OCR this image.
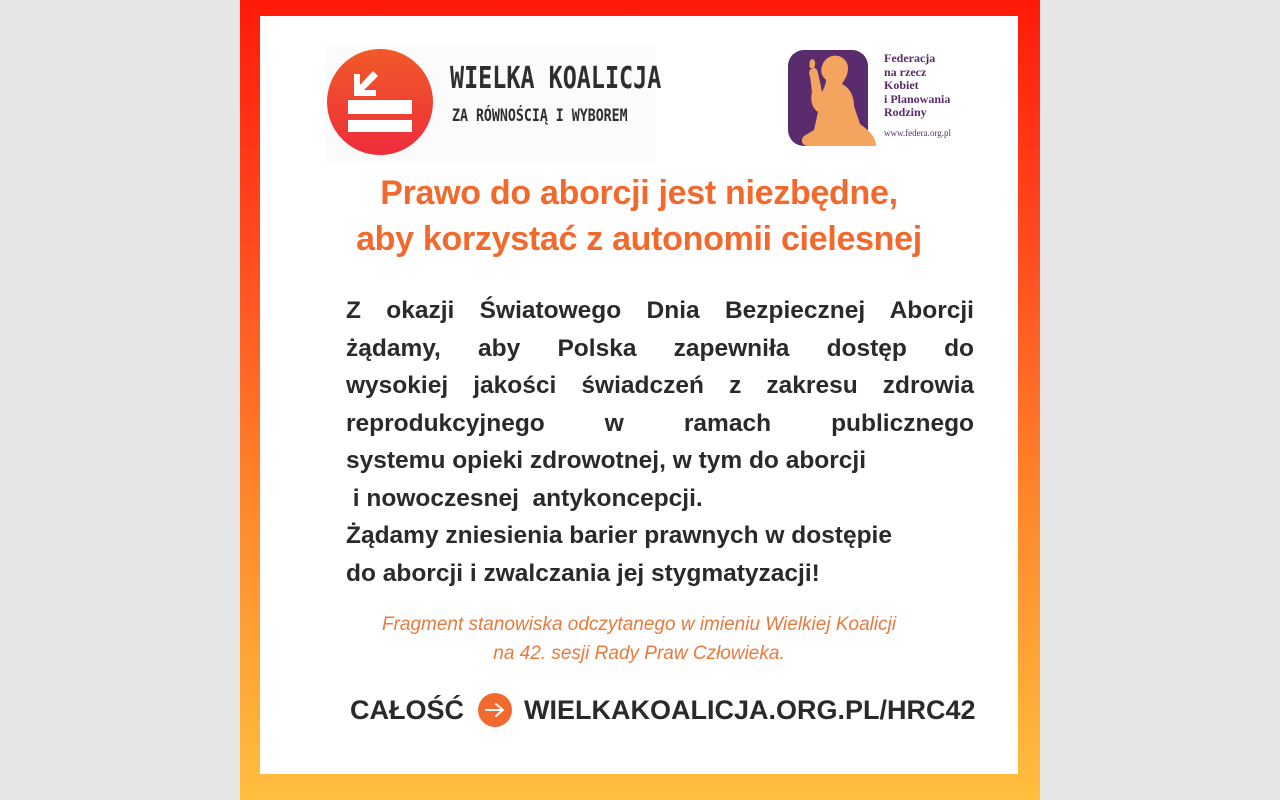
WIELKA KOALICJA
ZA RÓWNOŚCIĄ I WYBOREM
Federacja
na rzecz
Kobiet
i Planowania
Rodziny
www.federa.org.pl
Prawo do aborcji jest niezbędne,
aby korzystać z autonomii cielesnej
Z okazji Światowego Dnia Bezpiecznej Aborcji
żądamy, aby Polska zapewniła dostęp do
wysokiej jakości świadczeń z zakresu zdrowia
reprodukcyjnego w ramach publicznego
systemu opieki zdrowotnej, w tym do aborcji
i nowoczesnej  antykoncepcji.
Żądamy zniesienia barier prawnych w dostępie
do aborcji i zwalczania jej stygmatyzacji!
Fragment stanowiska odczytanego w imieniu Wielkiej Koalicji
na 42. sesji Rady Praw Człowieka.
CAŁOŚĆ WIELKAKOALICJA.ORG.PL/HRC42
